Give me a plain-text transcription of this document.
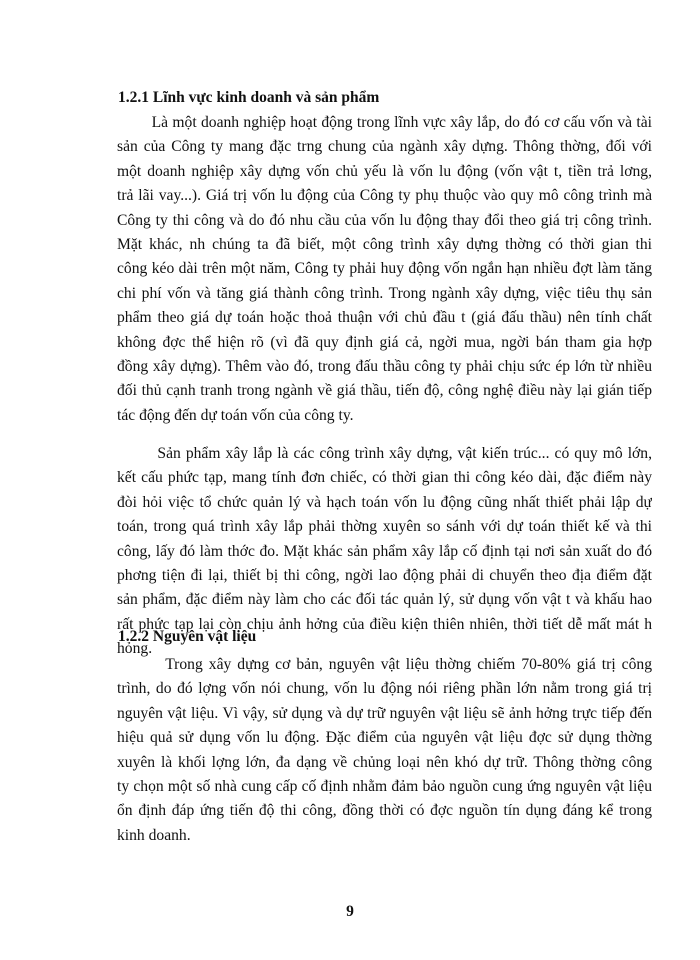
1.2.1 Lĩnh vực kinh doanh và sản phẩm
Là một doanh nghiệp hoạt động trong lĩnh vực xây lắp, do đó cơ cấu vốn và tài
sản của Công ty mang đặc trng chung của ngành xây dựng. Thông thờng, đối với
một doanh nghiệp xây dựng vốn chủ yếu là vốn lu động (vốn vật t, tiền trả lơng,
trả lãi vay...). Giá trị vốn lu động của Công ty phụ thuộc vào quy mô công trình mà
Công ty thi công và do đó nhu cầu của vốn lu động thay đổi theo giá trị công trình.
Mặt khác, nh chúng ta đã biết, một công trình xây dựng thờng có thời gian thi
công kéo dài trên một năm, Công ty phải huy động vốn ngắn hạn nhiều đợt làm tăng
chi phí vốn và tăng giá thành công trình. Trong ngành xây dựng, việc tiêu thụ sản
phẩm theo giá dự toán hoặc thoả thuận với chủ đầu t (giá đấu thầu) nên tính chất
không đợc thể hiện rõ (vì đã quy định giá cả, ngời mua, ngời bán tham gia hợp
đồng xây dựng). Thêm vào đó, trong đấu thầu công ty phải chịu sức ép lớn từ nhiều
đối thủ cạnh tranh trong ngành về giá thầu, tiến độ, công nghệ điều này lại gián tiếp
tác động đến dự toán vốn của công ty.
Sản phẩm xây lắp là các công trình xây dựng, vật kiến trúc... có quy mô lớn,
kết cấu phức tạp, mang tính đơn chiếc, có thời gian thi công kéo dài, đặc điểm này
đòi hỏi việc tổ chức quản lý và hạch toán vốn lu động cũng nhất thiết phải lập dự
toán, trong quá trình xây lắp phải thờng xuyên so sánh với dự toán thiết kế và thi
công, lấy đó làm thớc đo. Mặt khác sản phẩm xây lắp cố định tại nơi sản xuất do đó
phơng tiện đi lại, thiết bị thi công, ngời lao động phải di chuyển theo địa điểm đặt
sản phẩm, đặc điểm này làm cho các đối tác quản lý, sử dụng vốn vật t và khấu hao
rất phức tạp lại còn chịu ảnh hởng của điều kiện thiên nhiên, thời tiết dễ mất mát h
hỏng.
1.2.2 Nguyên vật liệu
Trong xây dựng cơ bản, nguyên vật liệu thờng chiếm 70-80% giá trị công
trình, do đó lợng vốn nói chung, vốn lu động nói riêng phần lớn nằm trong giá trị
nguyên vật liệu. Vì vậy, sử dụng và dự trữ nguyên vật liệu sẽ ảnh hởng trực tiếp đến
hiệu quả sử dụng vốn lu động. Đặc điểm của nguyên vật liệu đợc sử dụng thờng
xuyên là khối lợng lớn, đa dạng về chủng loại nên khó dự trữ. Thông thờng công
ty chọn một số nhà cung cấp cố định nhằm đảm bảo nguồn cung ứng nguyên vật liệu
ổn định đáp ứng tiến độ thi công, đồng thời có đợc nguồn tín dụng đáng kể trong
kinh doanh.
9
